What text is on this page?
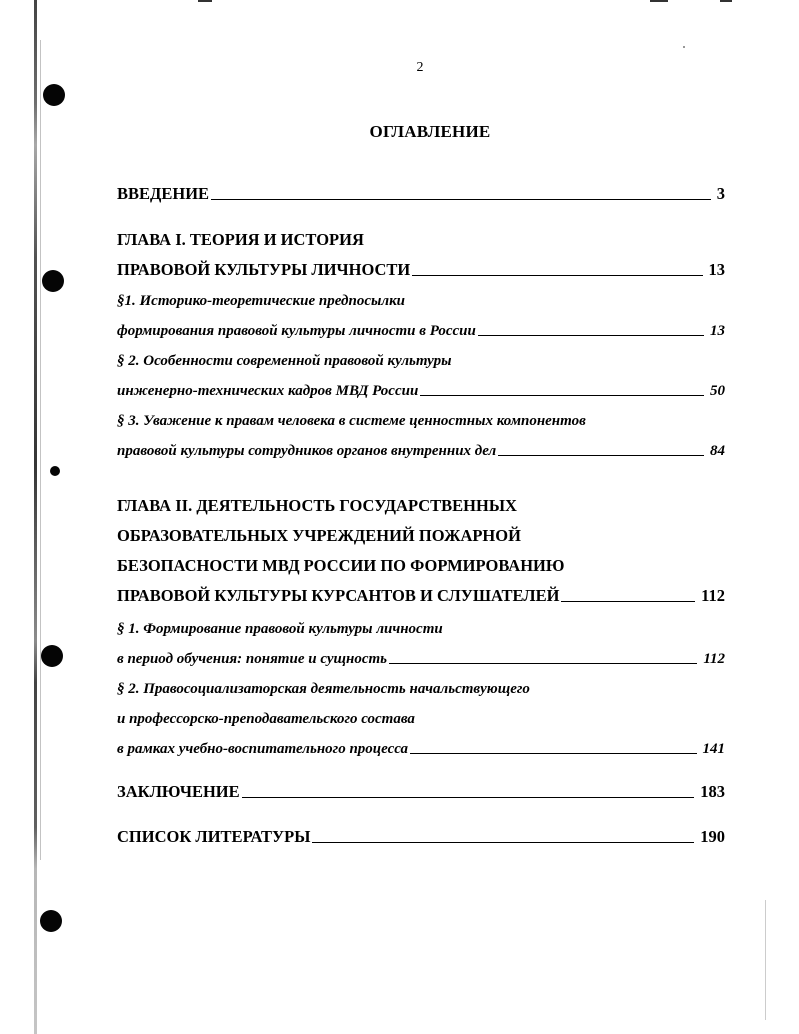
2
ОГЛАВЛЕНИЕ
ВВЕДЕНИЕ	3
ГЛАВА I. ТЕОРИЯ И ИСТОРИЯ
ПРАВОВОЙ КУЛЬТУРЫ ЛИЧНОСТИ	13
§1. Историко-теоретические предпосылки
формирования правовой культуры личности в России	13
§ 2. Особенности современной правовой культуры
инженерно-технических кадров МВД России	50
§ 3. Уважение к правам человека в системе ценностных компонентов
правовой культуры сотрудников органов внутренних дел	84
ГЛАВА II. ДЕЯТЕЛЬНОСТЬ ГОСУДАРСТВЕННЫХ
ОБРАЗОВАТЕЛЬНЫХ УЧРЕЖДЕНИЙ ПОЖАРНОЙ
БЕЗОПАСНОСТИ МВД РОССИИ ПО ФОРМИРОВАНИЮ
ПРАВОВОЙ КУЛЬТУРЫ КУРСАНТОВ И СЛУШАТЕЛЕЙ	112
§ 1. Формирование правовой культуры личности
в период обучения: понятие и сущность	112
§ 2. Правосоциализаторская деятельность начальствующего
и профессорско-преподавательского состава
в рамках учебно-воспитательного процесса	141
ЗАКЛЮЧЕНИЕ	183
СПИСОК ЛИТЕРАТУРЫ	190
